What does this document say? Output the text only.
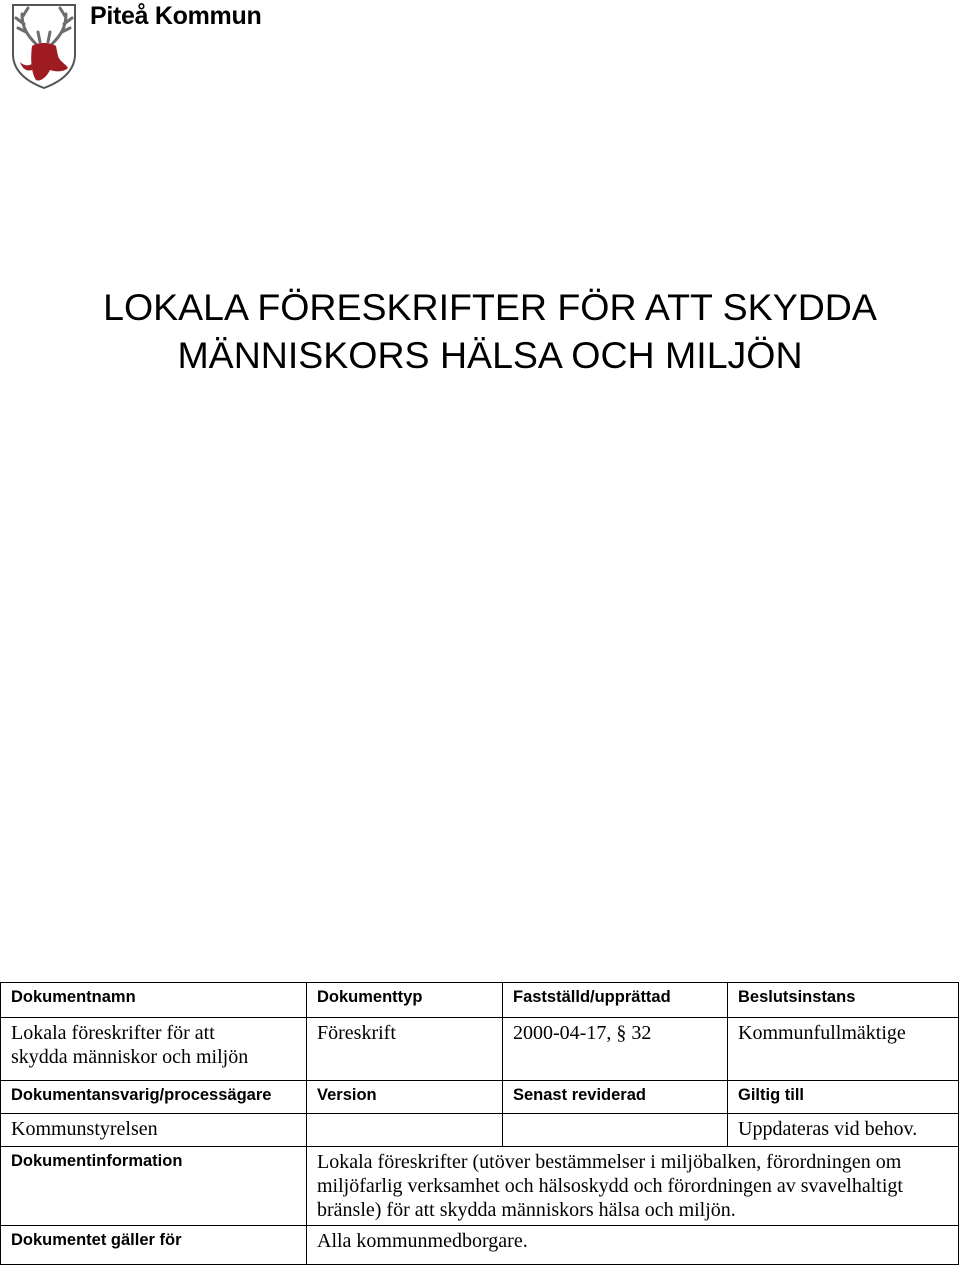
Piteå Kommun
LOKALA FÖRESKRIFTER FÖR ATT SKYDDA
MÄNNISKORS HÄLSA OCH MILJÖN
Dokumentnamn	Dokumenttyp	Fastställd/upprättad	Beslutsinstans

Lokala föreskrifter för att skydda människor och miljön	Föreskrift	2000-04-17, § 32	Kommunfullmäktige

Dokumentansvarig/processägare	Version	Senast reviderad	Giltig till

Kommunstyrelsen			Uppdateras vid behov.

Dokumentinformation	Lokala föreskrifter (utöver bestämmelser i miljöbalken, förordningen om miljöfarlig verksamhet och hälsoskydd och förordningen av svavelhaltigt bränsle) för att skydda människors hälsa och miljön.		

Dokumentet gäller för	Alla kommunmedborgare.		
